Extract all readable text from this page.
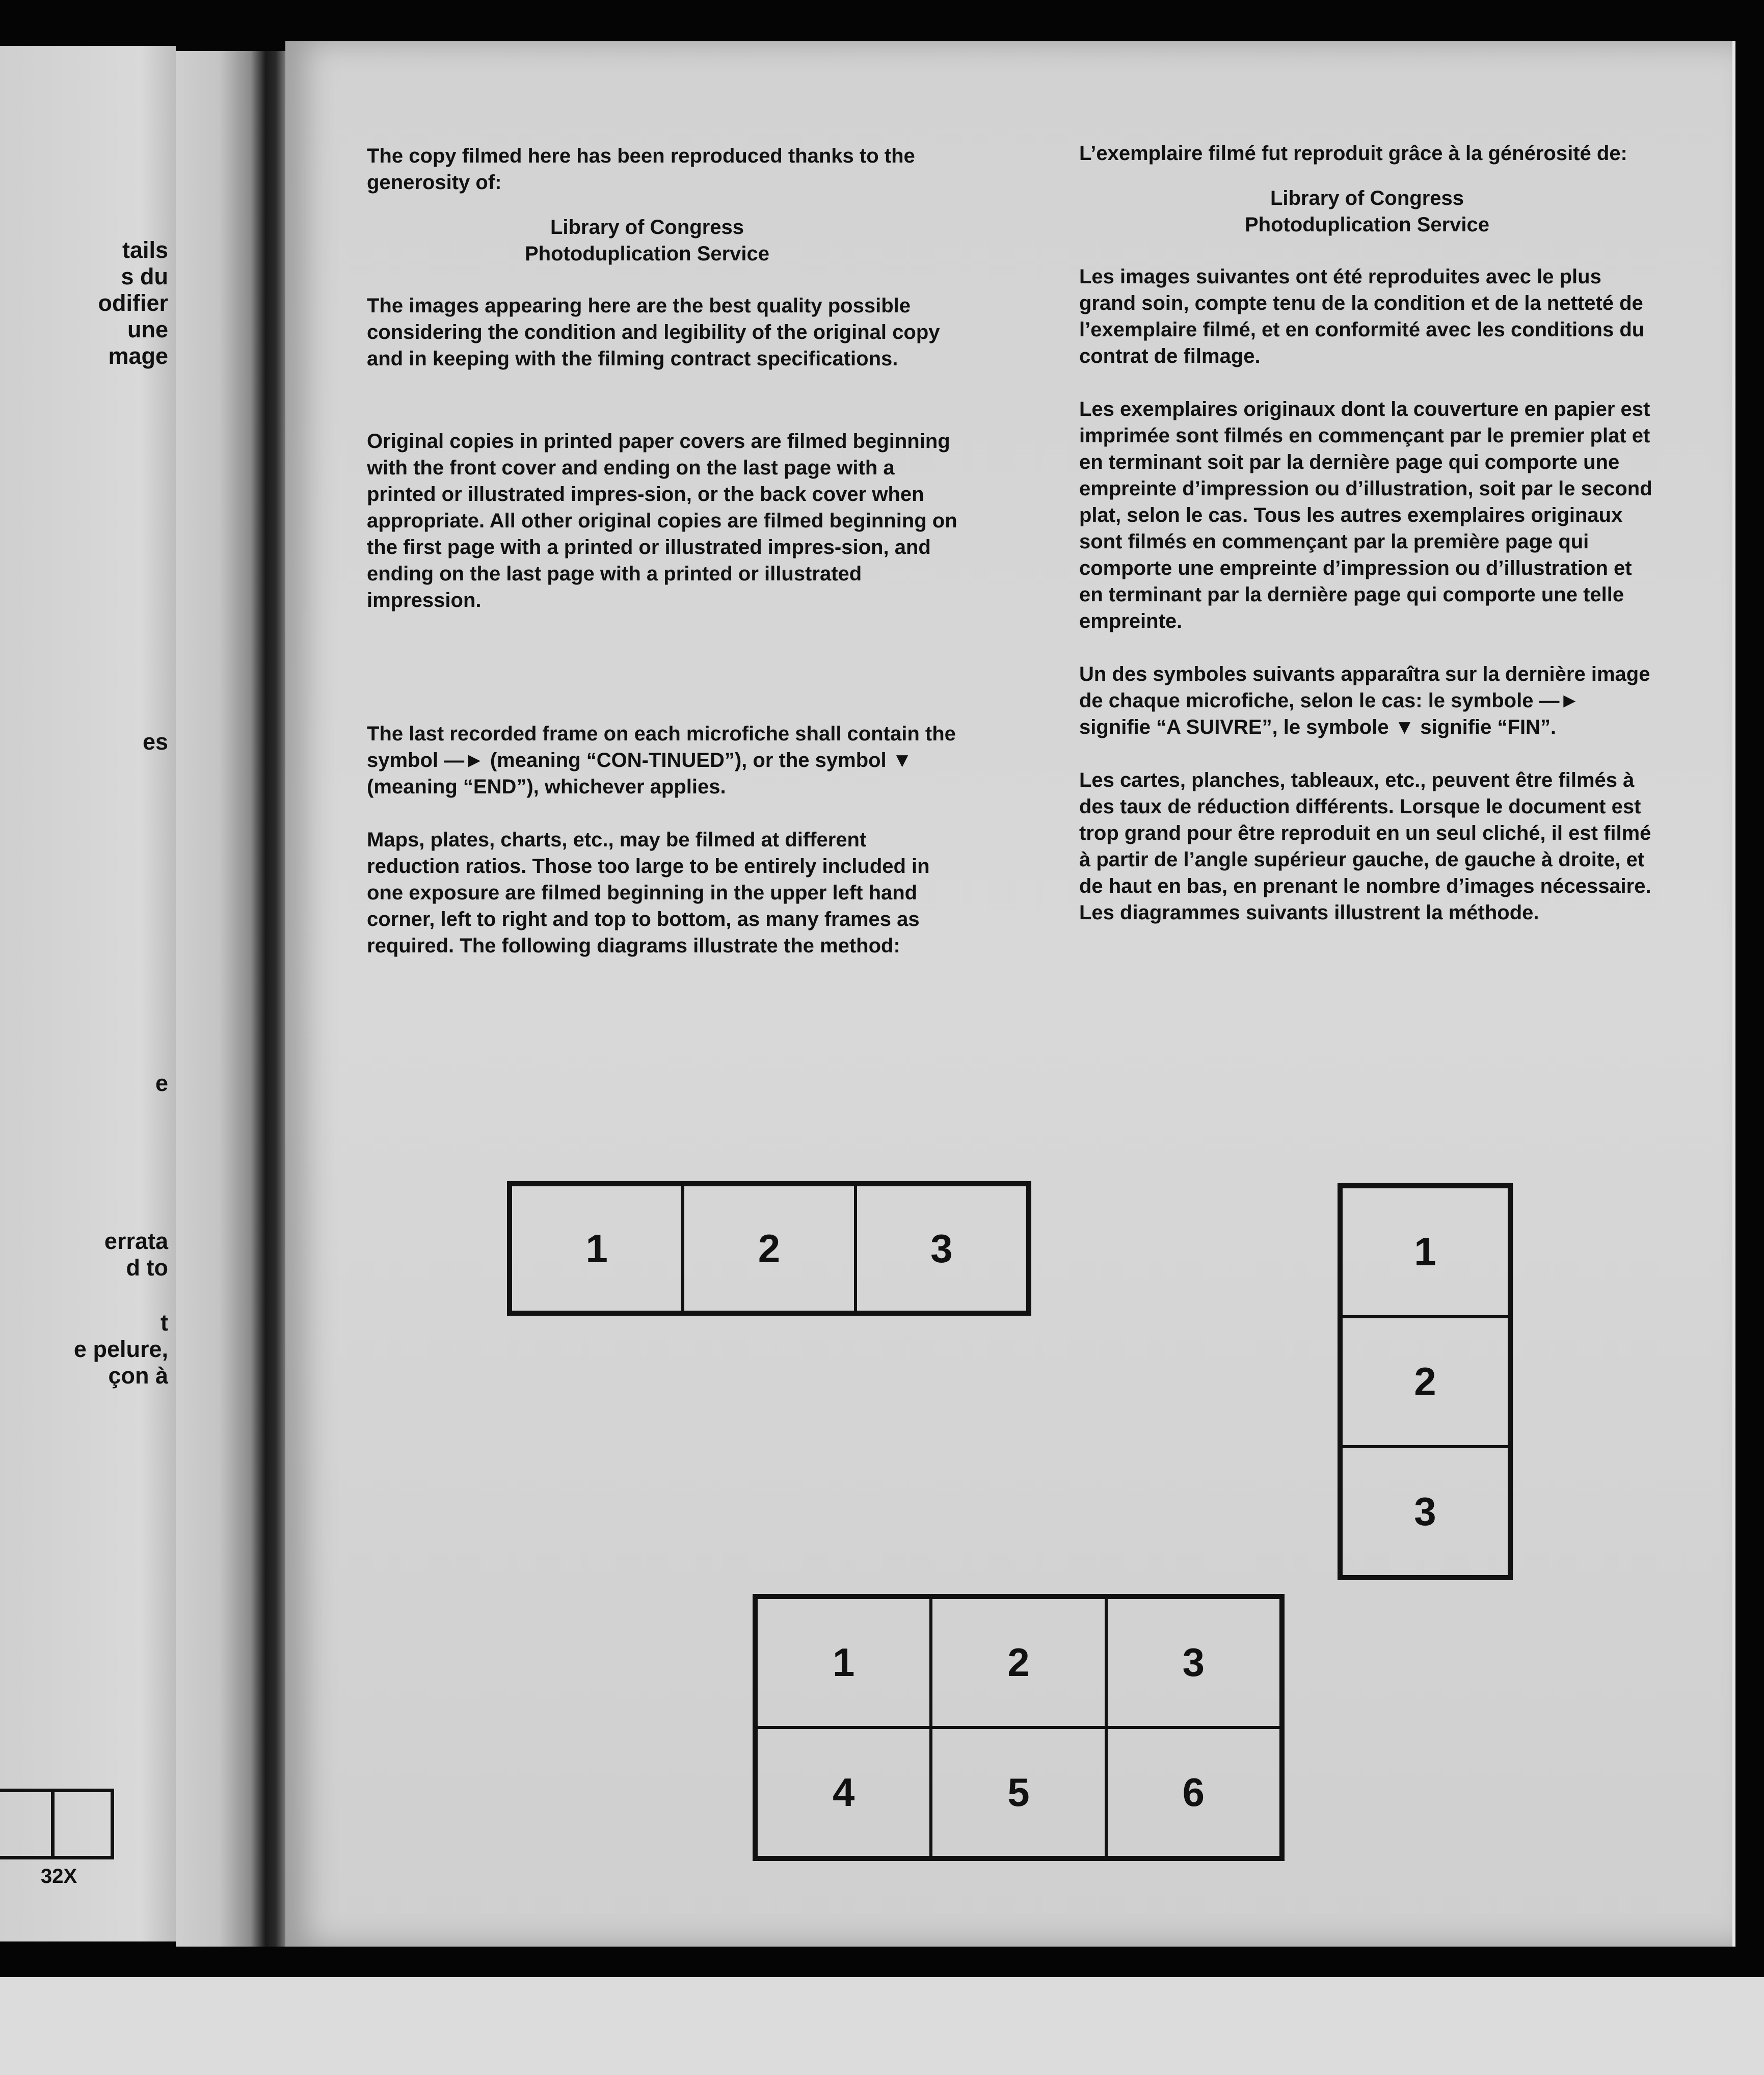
tails
s du
odifier
une
mage
es
e
errata
d to
t
e pelure,
çon à
32X

The copy filmed here has been reproduced thanks to the generosity of:

Library of Congress

Photoduplication Service

The images appearing here are the best quality possible considering the condition and legibility of the original copy and in keeping with the filming contract specifications.

Original copies in printed paper covers are filmed beginning with the front cover and ending on the last page with a printed or illustrated impres-sion, or the back cover when appropriate. All other original copies are filmed beginning on the first page with a printed or illustrated impres-sion, and ending on the last page with a printed or illustrated impression.

The last recorded frame on each microfiche shall contain the symbol —► (meaning “CON-TINUED”), or the symbol ▼ (meaning “END”), whichever applies.

Maps, plates, charts, etc., may be filmed at different reduction ratios. Those too large to be entirely included in one exposure are filmed beginning in the upper left hand corner, left to right and top to bottom, as many frames as required. The following diagrams illustrate the method:

L’exemplaire filmé fut reproduit grâce à la générosité de:

Library of Congress

Photoduplication Service

Les images suivantes ont été reproduites avec le plus grand soin, compte tenu de la condition et de la netteté de l’exemplaire filmé, et en conformité avec les conditions du contrat de filmage.

Les exemplaires originaux dont la couverture en papier est imprimée sont filmés en commençant par le premier plat et en terminant soit par la dernière page qui comporte une empreinte d’impression ou d’illustration, soit par le second plat, selon le cas. Tous les autres exemplaires originaux sont filmés en commençant par la première page qui comporte une empreinte d’impression ou d’illustration et en terminant par la dernière page qui comporte une telle empreinte.

Un des symboles suivants apparaîtra sur la dernière image de chaque microfiche, selon le cas: le symbole —► signifie “A SUIVRE”, le symbole ▼ signifie “FIN”.

Les cartes, planches, tableaux, etc., peuvent être filmés à des taux de réduction différents. Lorsque le document est trop grand pour être reproduit en un seul cliché, il est filmé à partir de l’angle supérieur gauche, de gauche à droite, et de haut en bas, en prenant le nombre d’images nécessaire. Les diagrammes suivants illustrent la méthode.

1	2	3	1
2
3
1	2	3
4	5	6
